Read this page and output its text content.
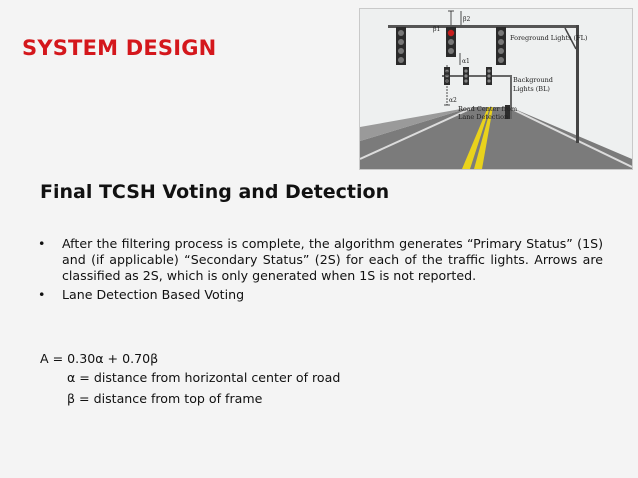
SYSTEM DESIGN
β1
β2
α1
α2
Foreground Lights (FL)
Background
Lights (BL)
Road Center from
Lane Detection
Final TCSH Voting and Detection
• After the filtering process is complete, the algorithm generates “Primary Status” (1S) and (if applicable) “Secondary Status” (2S) for each of the traffic lights. Arrows are classified as 2S, which is only generated when 1S is not reported.
• Lane Detection Based Voting
A = 0.30α + 0.70β
α = distance from horizontal center of road
β = distance from top of frame
